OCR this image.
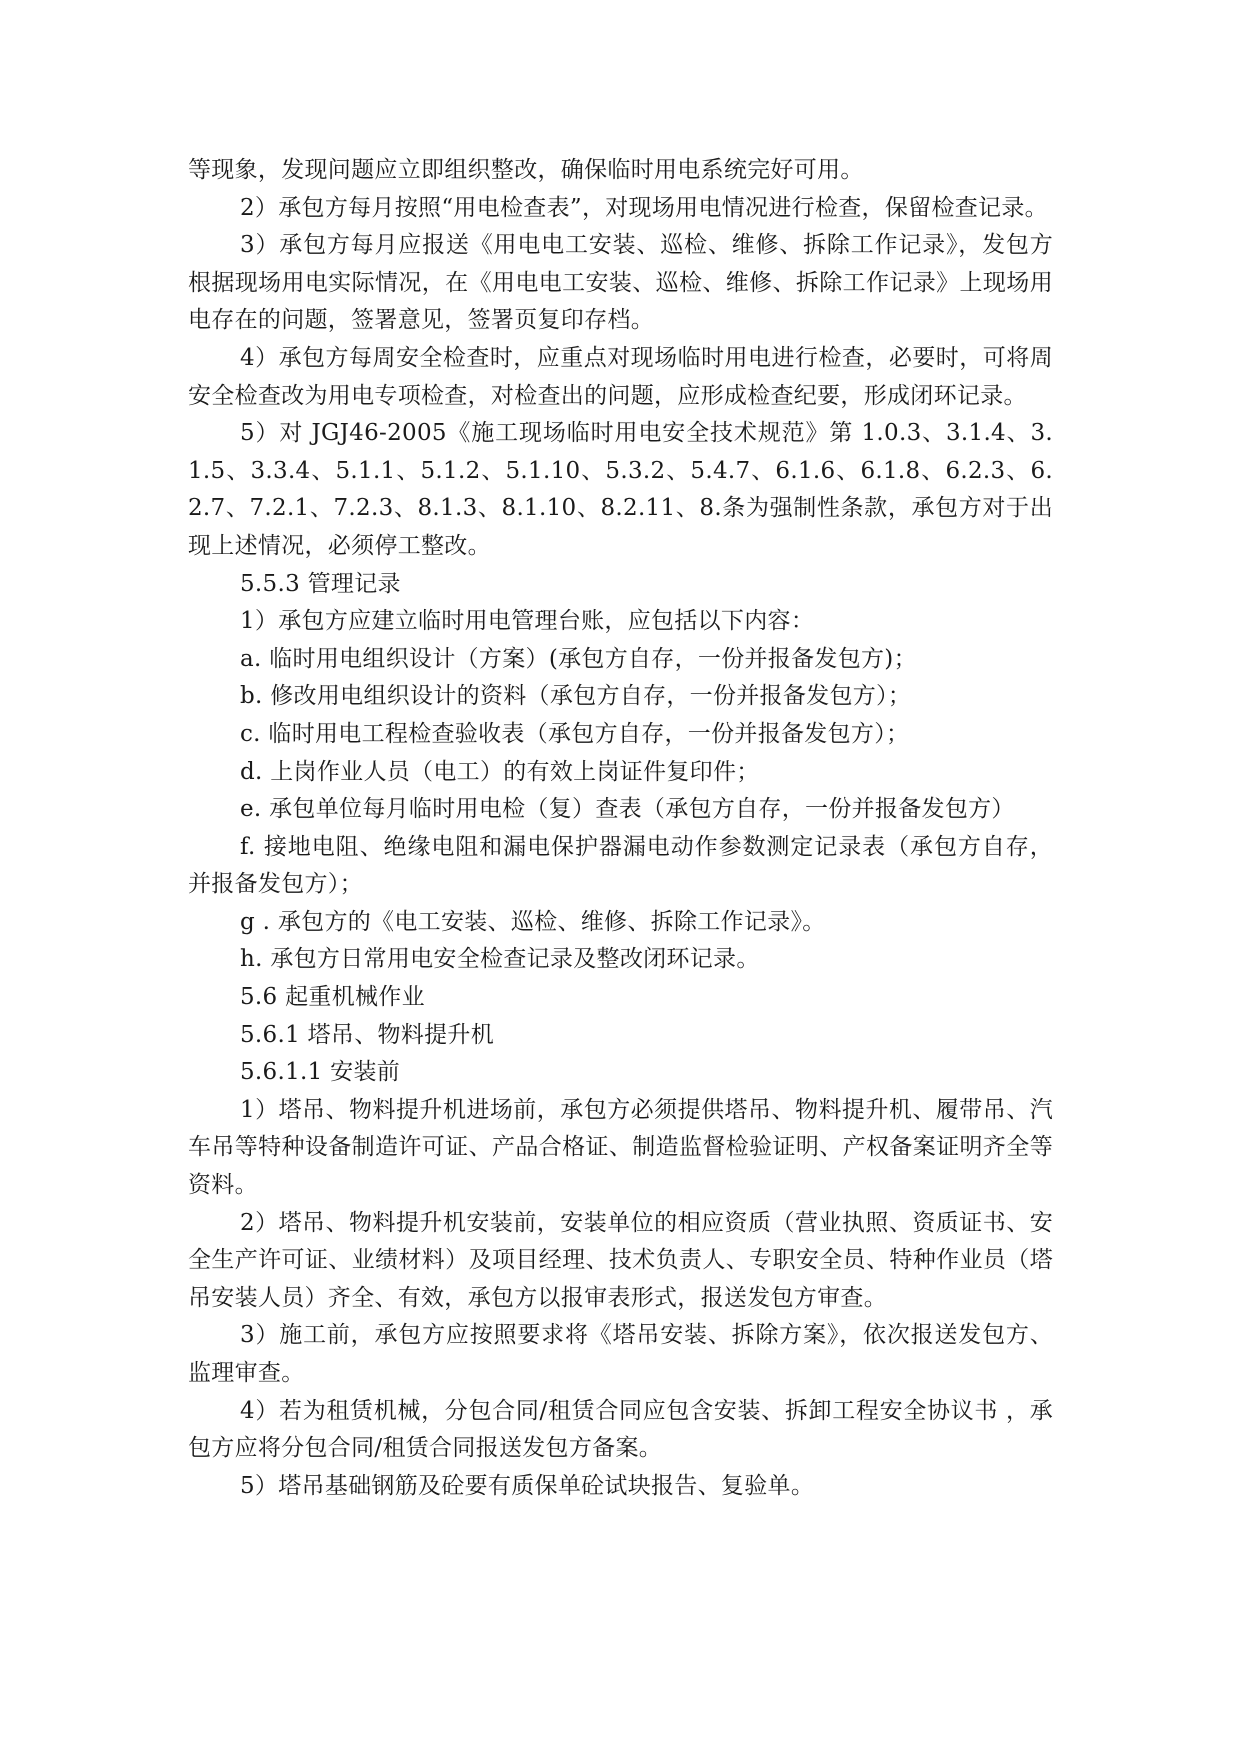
等现象，发现问题应立即组织整改，确保临时用电系统完好可用。

2）承包方每月按照“用电检查表”，对现场用电情况进行检查，保留检查记录。

3）承包方每月应报送《用电电工安装、巡检、维修、拆除工作记录》，发包方根据现场用电实际情况，在《用电电工安装、巡检、维修、拆除工作记录》上现场用电存在的问题，签署意见，签署页复印存档。

4）承包方每周安全检查时，应重点对现场临时用电进行检查，必要时，可将周安全检查改为用电专项检查，对检查出的问题，应形成检查纪要，形成闭环记录。

5）对 JGJ46-2005《施工现场临时用电安全技术规范》第 1.0.3、3.1.4、3.1.5、3.3.4、5.1.1、5.1.2、5.1.10、5.3.2、5.4.7、6.1.6、6.1.8、6.2.3、6.2.7、7.2.1、7.2.3、8.1.3、8.1.10、8.2.11、8.条为强制性条款，承包方对于出现上述情况，必须停工整改。

5.5.3 管理记录

1）承包方应建立临时用电管理台账，应包括以下内容：

a. 临时用电组织设计（方案）(承包方自存，一份并报备发包方)；

b. 修改用电组织设计的资料（承包方自存，一份并报备发包方）；

c. 临时用电工程检查验收表（承包方自存，一份并报备发包方）；

d. 上岗作业人员（电工）的有效上岗证件复印件；

e. 承包单位每月临时用电检（复）查表（承包方自存，一份并报备发包方）

f. 接地电阻、绝缘电阻和漏电保护器漏电动作参数测定记录表（承包方自存，并报备发包方）；

g . 承包方的《电工安装、巡检、维修、拆除工作记录》。

h. 承包方日常用电安全检查记录及整改闭环记录。

5.6 起重机械作业

5.6.1 塔吊、物料提升机

5.6.1.1 安装前

1）塔吊、物料提升机进场前，承包方必须提供塔吊、物料提升机、履带吊、汽车吊等特种设备制造许可证、产品合格证、制造监督检验证明、产权备案证明齐全等资料。

2）塔吊、物料提升机安装前，安装单位的相应资质（营业执照、资质证书、安全生产许可证、业绩材料）及项目经理、技术负责人、专职安全员、特种作业员（塔吊安装人员）齐全、有效，承包方以报审表形式，报送发包方审查。

3）施工前，承包方应按照要求将《塔吊安装、拆除方案》，依次报送发包方、监理审查。

4）若为租赁机械，分包合同/租赁合同应包含安装、拆卸工程安全协议书 ，承包方应将分包合同/租赁合同报送发包方备案。

5）塔吊基础钢筋及砼要有质保单砼试块报告、复验单。
